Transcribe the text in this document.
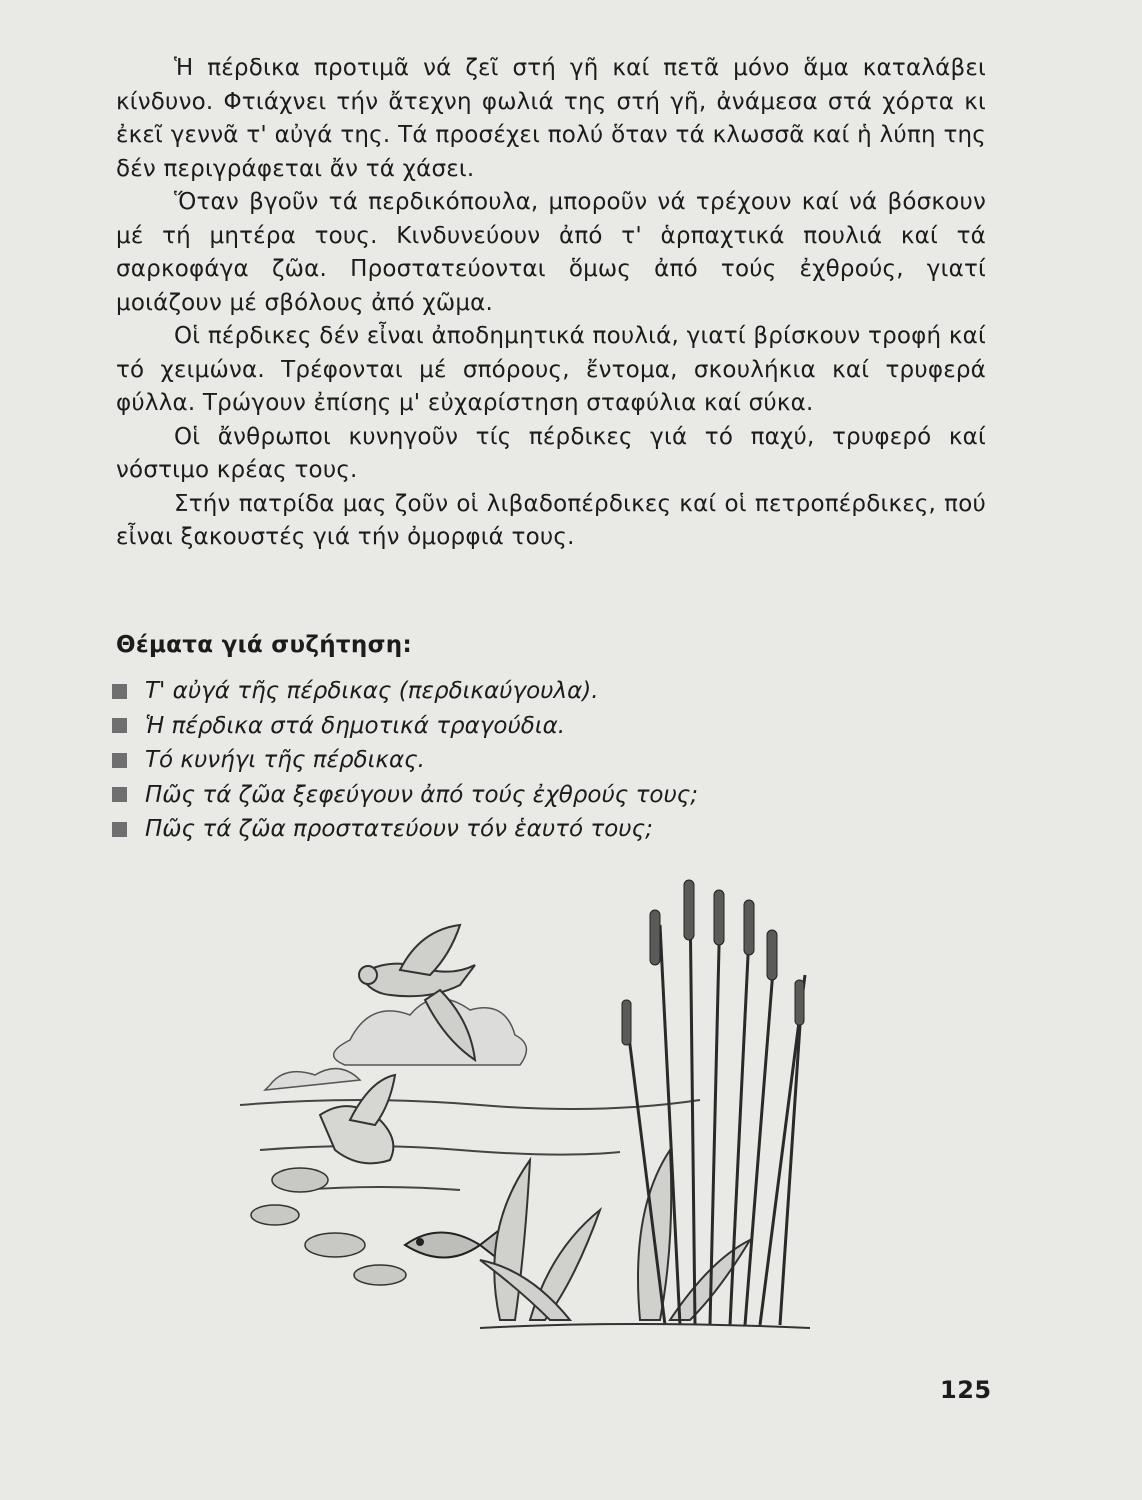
Ἡ πέρδικα προτιμᾶ νά ζεῖ στή γῆ καί πετᾶ μόνο ἅμα καταλάβει κίνδυνο. Φτιάχνει τήν ἄτεχνη φωλιά της στή γῆ, ἀνάμεσα στά χόρτα κι ἐκεῖ γεννᾶ τ' αὐγά της. Τά προσέχει πολύ ὅταν τά κλωσσᾶ καί ἡ λύπη της δέν περιγράφεται ἄν τά χάσει.

Ὅταν βγοῦν τά περδικόπουλα, μποροῦν νά τρέχουν καί νά βόσκουν μέ τή μητέρα τους. Κινδυνεύουν ἀπό τ' ἁρπαχτικά πουλιά καί τά σαρκοφάγα ζῶα. Προστατεύονται ὅμως ἀπό τούς ἐχθρούς, γιατί μοιάζουν μέ σβόλους ἀπό χῶμα.

Οἱ πέρδικες δέν εἶναι ἀποδημητικά πουλιά, γιατί βρίσκουν τροφή καί τό χειμώνα. Τρέφονται μέ σπόρους, ἔντομα, σκουλήκια καί τρυφερά φύλλα. Τρώγουν ἐπίσης μ' εὐχαρίστηση σταφύλια καί σύκα.

Οἱ ἄνθρωποι κυνηγοῦν τίς πέρδικες γιά τό παχύ, τρυφερό καί νόστιμο κρέας τους.

Στήν πατρίδα μας ζοῦν οἱ λιβαδοπέρδικες καί οἱ πετροπέρδικες, πού εἶναι ξακουστές γιά τήν ὀμορφιά τους.

Θέματα γιά συζήτηση:
Τ' αὐγά τῆς πέρδικας (περδικαύγουλα).
Ἡ πέρδικα στά δημοτικά τραγούδια.
Τό κυνήγι τῆς πέρδικας.
Πῶς τά ζῶα ξεφεύγουν ἀπό τούς ἐχθρούς τους;
Πῶς τά ζῶα προστατεύουν τόν ἑαυτό τους;
125
